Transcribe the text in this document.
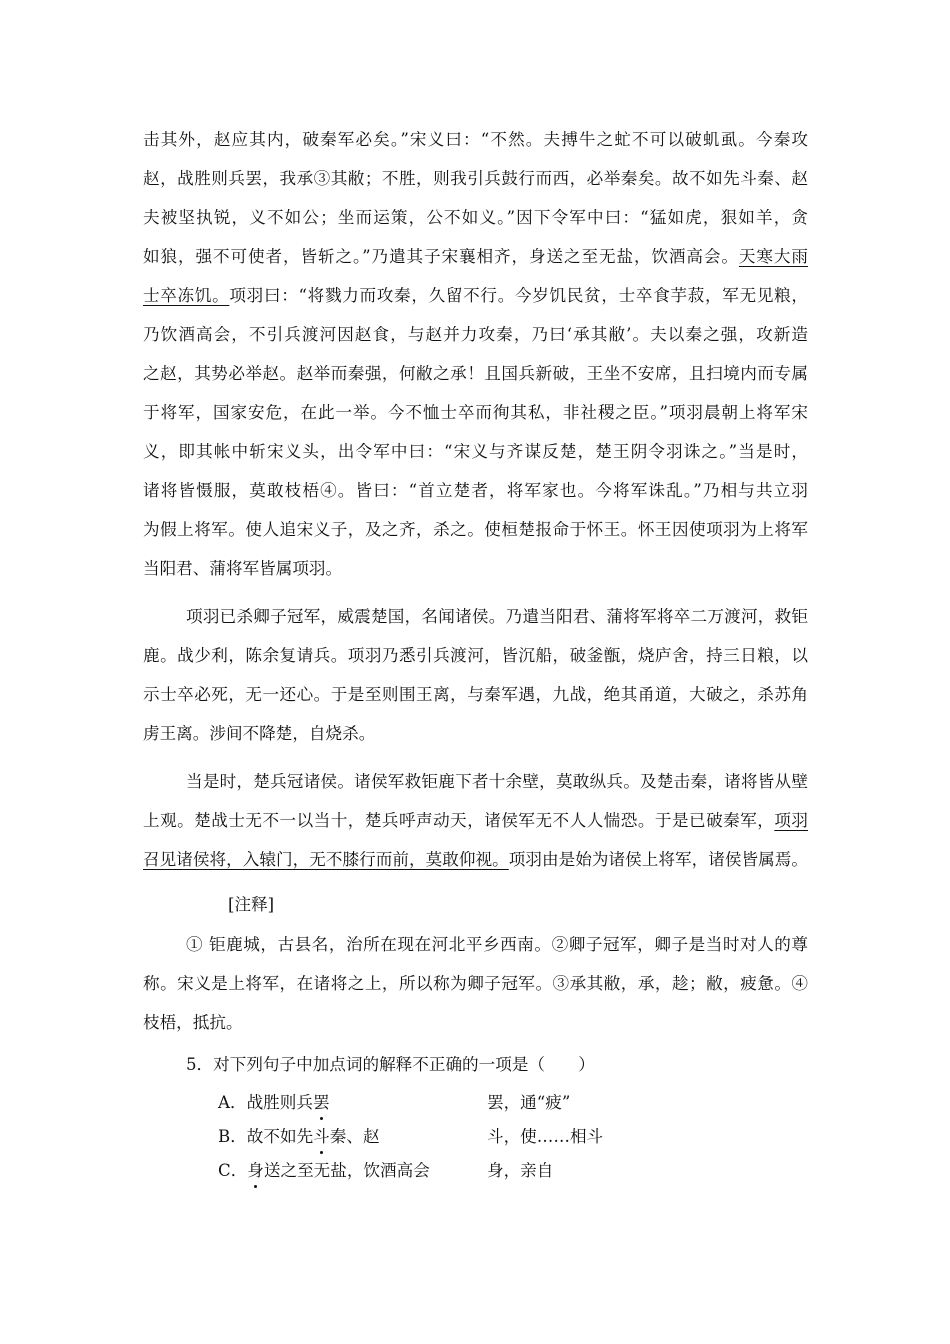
击其外，赵应其内，破秦军必矣。”宋义曰：“不然。夫搏牛之虻不可以破虮虱。今秦攻
赵，战胜则兵罢，我承③其敝；不胜，则我引兵鼓行而西，必举秦矣。故不如先斗秦、赵
夫被坚执锐，义不如公；坐而运策，公不如义。”因下令军中曰：“猛如虎，狠如羊，贪
如狼，强不可使者，皆斩之。”乃遣其子宋襄相齐，身送之至无盐，饮酒高会。天寒大雨
士卒冻饥。项羽曰：“将戮力而攻秦，久留不行。今岁饥民贫，士卒食芋菽，军无见粮，
乃饮酒高会，不引兵渡河因赵食，与赵并力攻秦，乃曰‘承其敝’。夫以秦之强，攻新造
之赵，其势必举赵。赵举而秦强，何敝之承！且国兵新破，王坐不安席，且扫境内而专属
于将军，国家安危，在此一举。今不恤士卒而徇其私，非社稷之臣。”项羽晨朝上将军宋
义，即其帐中斩宋义头，出令军中曰：“宋义与齐谋反楚，楚王阴令羽诛之。”当是时，
诸将皆慑服，莫敢枝梧④。皆曰：“首立楚者，将军家也。今将军诛乱。”乃相与共立羽
为假上将军。使人追宋义子，及之齐，杀之。使桓楚报命于怀王。怀王因使项羽为上将军
当阳君、蒲将军皆属项羽。
项羽已杀卿子冠军，威震楚国，名闻诸侯。乃遣当阳君、蒲将军将卒二万渡河，救钜
鹿。战少利，陈余复请兵。项羽乃悉引兵渡河，皆沉船，破釜甑，烧庐舍，持三日粮，以
示士卒必死，无一还心。于是至则围王离，与秦军遇，九战，绝其甬道，大破之，杀苏角
虏王离。涉间不降楚，自烧杀。
当是时，楚兵冠诸侯。诸侯军救钜鹿下者十余壁，莫敢纵兵。及楚击秦，诸将皆从壁
上观。楚战士无不一以当十，楚兵呼声动天，诸侯军无不人人惴恐。于是已破秦军，项羽
召见诸侯将，入辕门，无不膝行而前，莫敢仰视。项羽由是始为诸侯上将军，诸侯皆属焉。
[注释]
① 钜鹿城，古县名，治所在现在河北平乡西南。②卿子冠军，卿子是当时对人的尊
称。宋义是上将军，在诸将之上，所以称为卿子冠军。③承其敝，承，趁；敝，疲惫。④
枝梧，抵抗。
5．对下列句子中加点词的解释不正确的一项是（　　）
A．战胜则兵罢	罢，通“疲”
B．故不如先斗秦、赵	斗，使……相斗
C．身送之至无盐，饮酒高会	身，亲自
